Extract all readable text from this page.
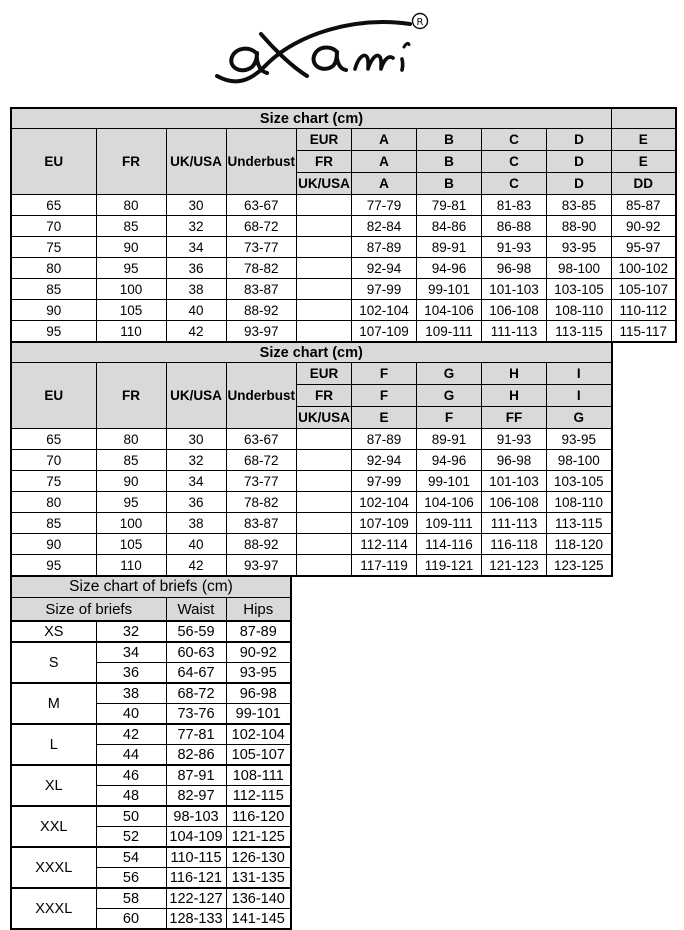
R
Size chart (cm)									
EU	FR	UK/USA	Underbust	EUR	A	B	C	D	E
				FR	A	B	C	D	E
				UK/USA	A	B	C	D	DD
65	80	30	63-67		77-79	79-81	81-83	83-85	85-87
70	85	32	68-72		82-84	84-86	86-88	88-90	90-92
75	90	34	73-77		87-89	89-91	91-93	93-95	95-97
80	95	36	78-82		92-94	94-96	96-98	98-100	100-102
85	100	38	83-87		97-99	99-101	101-103	103-105	105-107
90	105	40	88-92		102-104	104-106	106-108	108-110	110-112
95	110	42	93-97		107-109	109-111	111-113	113-115	115-117
Size chart (cm)								
EU	FR	UK/USA	Underbust	EUR	F	G	H	I
				FR	F	G	H	I
				UK/USA	E	F	FF	G
65	80	30	63-67		87-89	89-91	91-93	93-95
70	85	32	68-72		92-94	94-96	96-98	98-100
75	90	34	73-77		97-99	99-101	101-103	103-105
80	95	36	78-82		102-104	104-106	106-108	108-110
85	100	38	83-87		107-109	109-111	111-113	113-115
90	105	40	88-92		112-114	114-116	116-118	118-120
95	110	42	93-97		117-119	119-121	121-123	123-125
Size chart of briefs (cm)			
Size of briefs		Waist	Hips
XS	32	56-59	87-89
S	34	60-63	90-92
	36	64-67	93-95
M	38	68-72	96-98
	40	73-76	99-101
L	42	77-81	102-104
	44	82-86	105-107
XL	46	87-91	108-111
	48	82-97	112-115
XXL	50	98-103	116-120
	52	104-109	121-125
XXXL	54	110-115	126-130
	56	116-121	131-135
XXXL	58	122-127	136-140
	60	128-133	141-145
